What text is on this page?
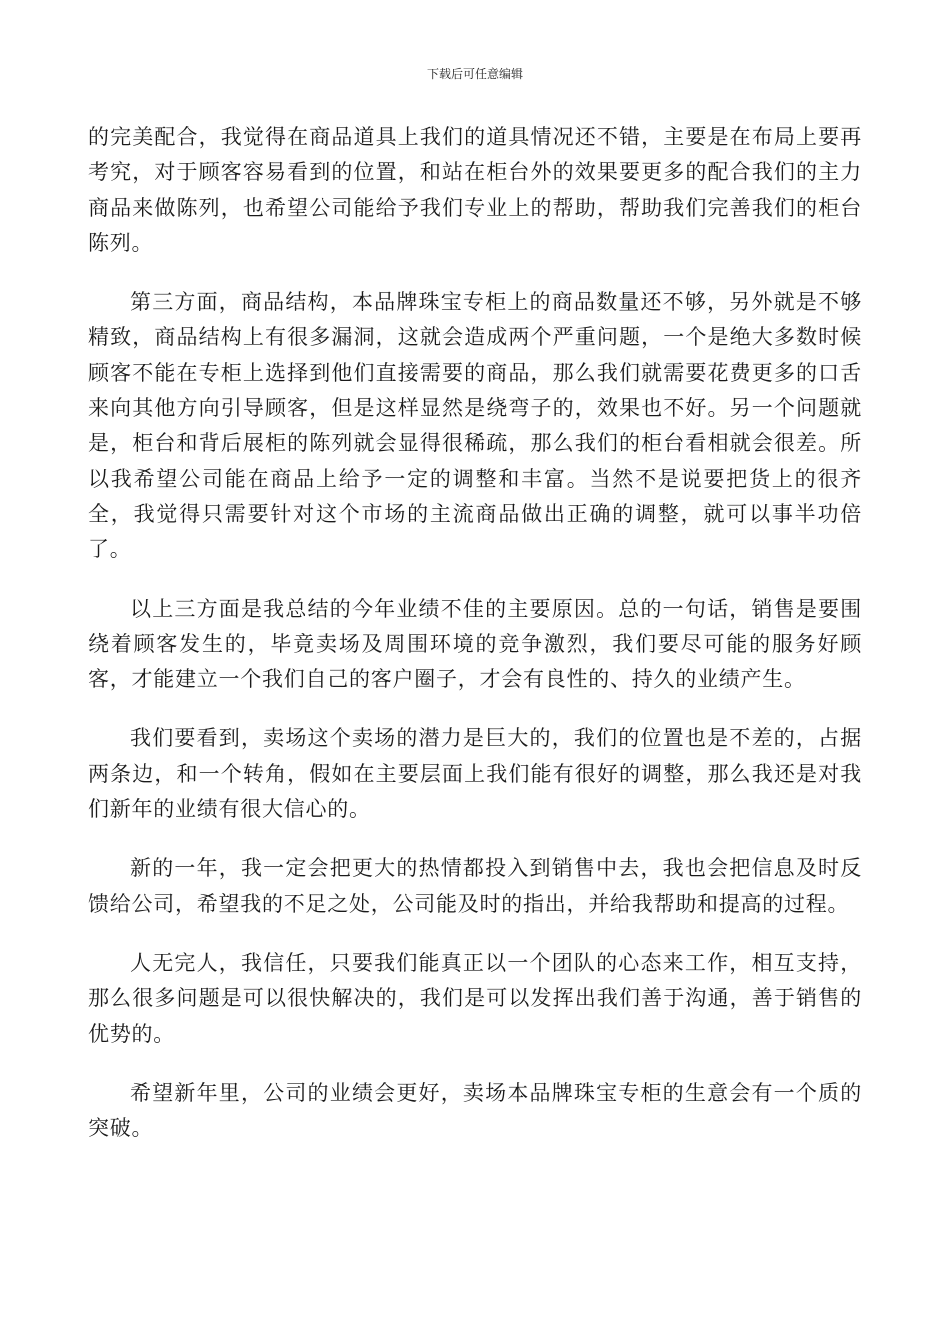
下载后可任意编辑

的完美配合，我觉得在商品道具上我们的道具情况还不错，主要是在布局上要再考究，对于顾客容易看到的位置，和站在柜台外的效果要更多的配合我们的主力商品来做陈列，也希望公司能给予我们专业上的帮助，帮助我们完善我们的柜台陈列。

第三方面，商品结构，本品牌珠宝专柜上的商品数量还不够，另外就是不够精致，商品结构上有很多漏洞，这就会造成两个严重问题，一个是绝大多数时候顾客不能在专柜上选择到他们直接需要的商品，那么我们就需要花费更多的口舌来向其他方向引导顾客，但是这样显然是绕弯子的，效果也不好。另一个问题就是，柜台和背后展柜的陈列就会显得很稀疏，那么我们的柜台看相就会很差。所以我希望公司能在商品上给予一定的调整和丰富。当然不是说要把货上的很齐全，我觉得只需要针对这个市场的主流商品做出正确的调整，就可以事半功倍了。

以上三方面是我总结的今年业绩不佳的主要原因。总的一句话，销售是要围绕着顾客发生的，毕竟卖场及周围环境的竞争激烈，我们要尽可能的服务好顾客，才能建立一个我们自己的客户圈子，才会有良性的、持久的业绩产生。

我们要看到，卖场这个卖场的潜力是巨大的，我们的位置也是不差的，占据两条边，和一个转角，假如在主要层面上我们能有很好的调整，那么我还是对我们新年的业绩有很大信心的。

新的一年，我一定会把更大的热情都投入到销售中去，我也会把信息及时反馈给公司，希望我的不足之处，公司能及时的指出，并给我帮助和提高的过程。

人无完人，我信任，只要我们能真正以一个团队的心态来工作，相互支持，那么很多问题是可以很快解决的，我们是可以发挥出我们善于沟通，善于销售的优势的。

希望新年里，公司的业绩会更好，卖场本品牌珠宝专柜的生意会有一个质的突破。
